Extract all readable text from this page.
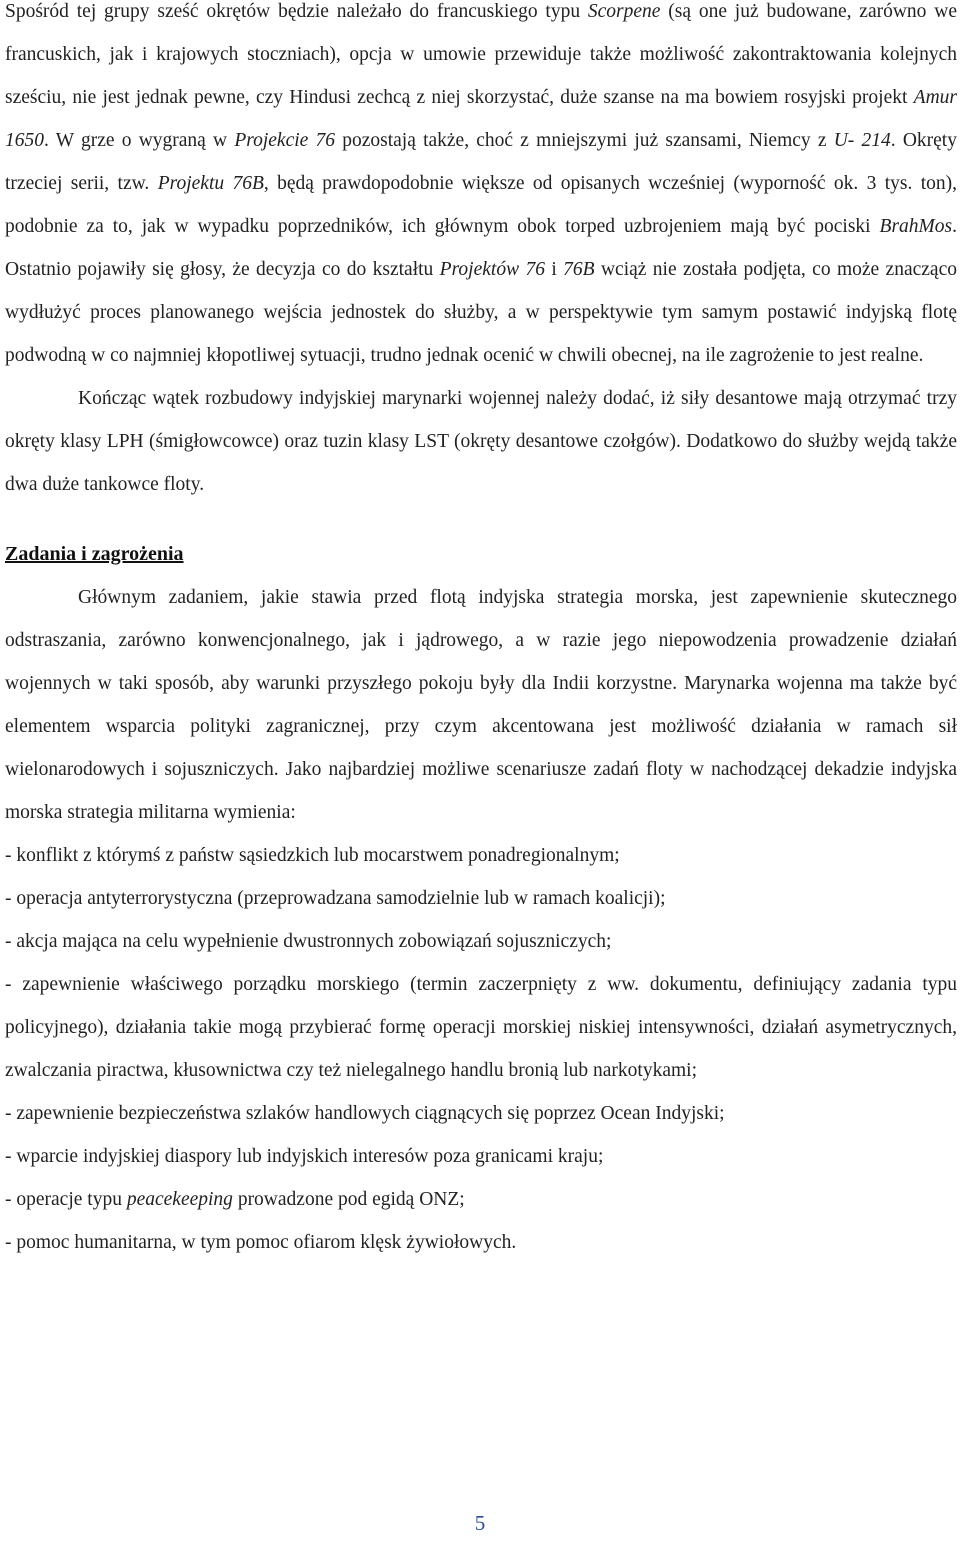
Spośród tej grupy sześć okrętów będzie należało do francuskiego typu Scorpene (są one już budowane, zarówno we francuskich, jak i krajowych stoczniach), opcja w umowie przewiduje także możliwość zakontraktowania kolejnych sześciu, nie jest jednak pewne, czy Hindusi zechcą z niej skorzystać, duże szanse na ma bowiem rosyjski projekt Amur 1650. W grze o wygraną w Projekcie 76 pozostają także, choć z mniejszymi już szansami, Niemcy z U- 214. Okręty trzeciej serii, tzw. Projektu 76B, będą prawdopodobnie większe od opisanych wcześniej (wyporność ok. 3 tys. ton), podobnie za to, jak w wypadku poprzedników, ich głównym obok torped uzbrojeniem mają być pociski BrahMos. Ostatnio pojawiły się głosy, że decyzja co do kształtu Projektów 76 i 76B wciąż nie została podjęta, co może znacząco wydłużyć proces planowanego wejścia jednostek do służby, a w perspektywie tym samym postawić indyjską flotę podwodną w co najmniej kłopotliwej sytuacji, trudno jednak ocenić w chwili obecnej, na ile zagrożenie to jest realne.

Kończąc wątek rozbudowy indyjskiej marynarki wojennej należy dodać, iż siły desantowe mają otrzymać trzy okręty klasy LPH (śmigłowcowce) oraz tuzin klasy LST (okręty desantowe czołgów). Dodatkowo do służby wejdą także dwa duże tankowce floty.

Zadania i zagrożenia

Głównym zadaniem, jakie stawia przed flotą indyjska strategia morska, jest zapewnienie skutecznego odstraszania, zarówno konwencjonalnego, jak i jądrowego, a w razie jego niepowodzenia prowadzenie działań wojennych w taki sposób, aby warunki przyszłego pokoju były dla Indii korzystne. Marynarka wojenna ma także być elementem wsparcia polityki zagranicznej, przy czym akcentowana jest możliwość działania w ramach sił wielonarodowych i sojuszniczych. Jako najbardziej możliwe scenariusze zadań floty w nachodzącej dekadzie indyjska morska strategia militarna wymienia:

- konflikt z którymś z państw sąsiedzkich lub mocarstwem ponadregionalnym;
- operacja antyterrorystyczna (przeprowadzana samodzielnie lub w ramach koalicji);
- akcja mająca na celu wypełnienie dwustronnych zobowiązań sojuszniczych;
- zapewnienie właściwego porządku morskiego (termin zaczerpnięty z ww. dokumentu, definiujący zadania typu policyjnego), działania takie mogą przybierać formę operacji morskiej niskiej intensywności, działań asymetrycznych, zwalczania piractwa, kłusownictwa czy też nielegalnego handlu bronią lub narkotykami;
- zapewnienie bezpieczeństwa szlaków handlowych ciągnących się poprzez Ocean Indyjski;
- wparcie indyjskiej diaspory lub indyjskich interesów poza granicami kraju;
- operacje typu peacekeeping prowadzone pod egidą ONZ;
- pomoc humanitarna, w tym pomoc ofiarom klęsk żywiołowych.
5
